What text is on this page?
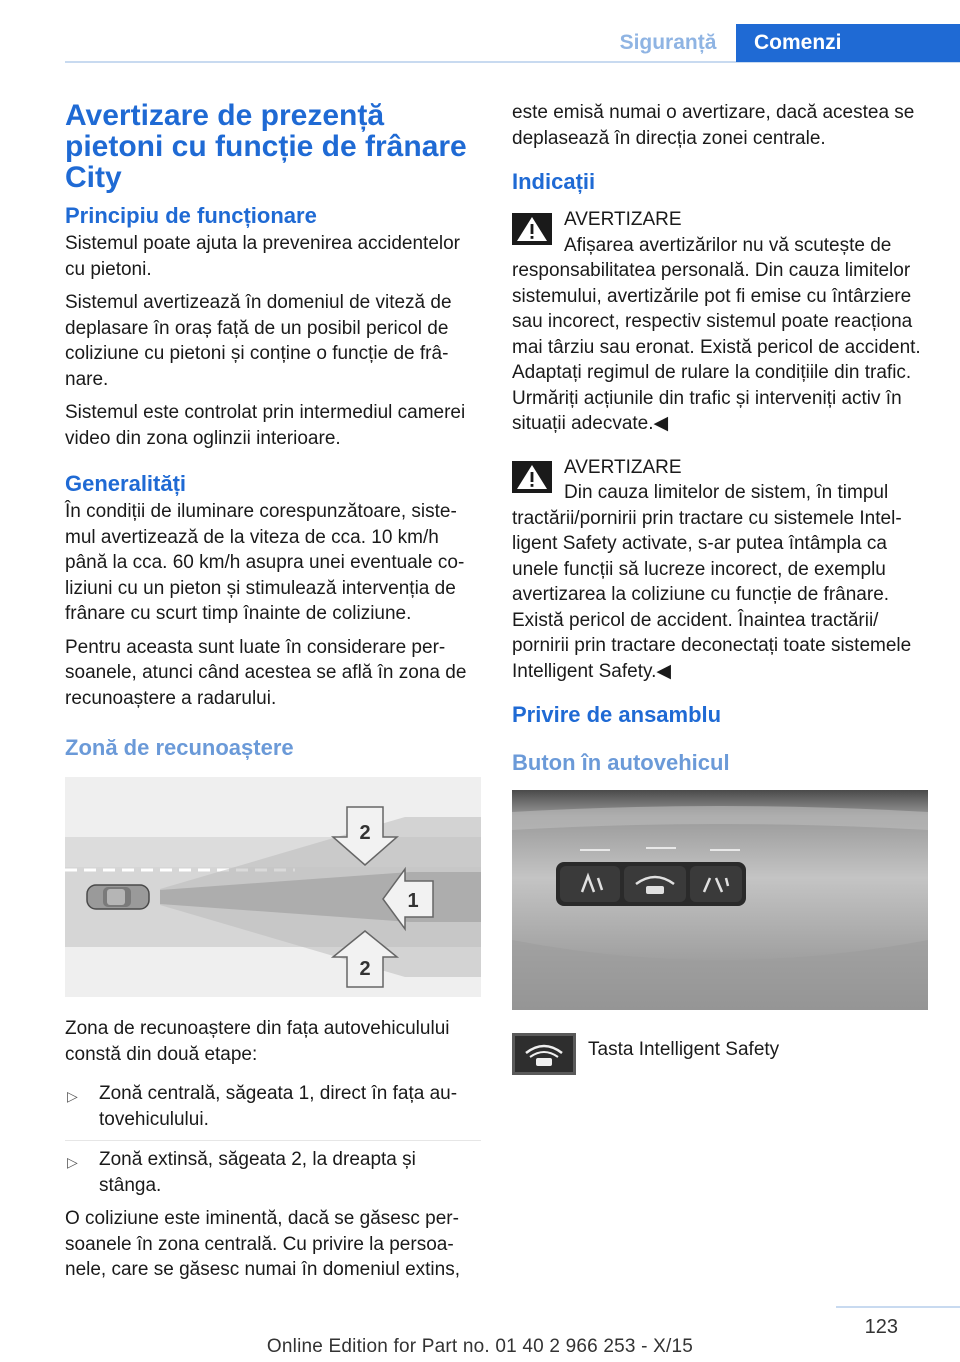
Siguranță	Comenzi
Avertizare de prezență pietoni cu funcție de frânare City
Principiu de funcționare

Sistemul poate ajuta la prevenirea accidentelor cu pietoni.

Sistemul avertizează în domeniul de viteză de deplasare în oraș față de un posibil pericol de coliziune cu pietoni și conține o funcție de frânare.

Sistemul este controlat prin intermediul camerei video din zona oglinzii interioare.

Generalități

În condiții de iluminare corespunzătoare, sistemul avertizează de la viteza de cca. 10 km/h până la cca. 60 km/h asupra unei eventuale coliziuni cu un pieton și stimulează intervenția de frânare cu scurt timp înainte de coliziune.

Pentru aceasta sunt luate în considerare persoanele, atunci când acestea se află în zona de recunoaștere a radarului.

Zonă de recunoaștere
2
1
2

Zona de recunoaștere din fața autovehiculului constă din două etape:

▷	Zonă centrală, săgeata 1, direct în fața autovehiculului.
▷	Zonă extinsă, săgeata 2, la dreapta și stânga.

O coliziune este iminentă, dacă se găsesc persoanele în zona centrală. Cu privire la persoanele, care se găsesc numai în domeniul extins,

este emisă numai o avertizare, dacă acestea se deplasează în direcția zonei centrale.

Indicații
AVERTIZARE
Afișarea avertizărilor nu vă scutește de
responsabilitatea personală. Din cauza limitelor sistemului, avertizările pot fi emise cu întârziere sau incorect, respectiv sistemul poate reacționa mai târziu sau eronat. Există pericol de accident. Adaptați regimul de rulare la condițiile din trafic. Urmăriți acțiunile din trafic și interveniți activ în situații adecvate.◀
AVERTIZARE
Din cauza limitelor de sistem, în timpul
tractării/pornirii prin tractare cu sistemele Intelligent Safety activate, s-ar putea întâmpla ca unele funcții să lucreze incorect, de exemplu avertizarea la coliziune cu funcție de frânare. Există pericol de accident. Înaintea tractării/ pornirii prin tractare deconectați toate sistemele Intelligent Safety.◀
Privire de ansamblu
Buton în autovehicul
Tasta Intelligent Safety
123
Online Edition for Part no. 01 40 2 966 253 - X/15
